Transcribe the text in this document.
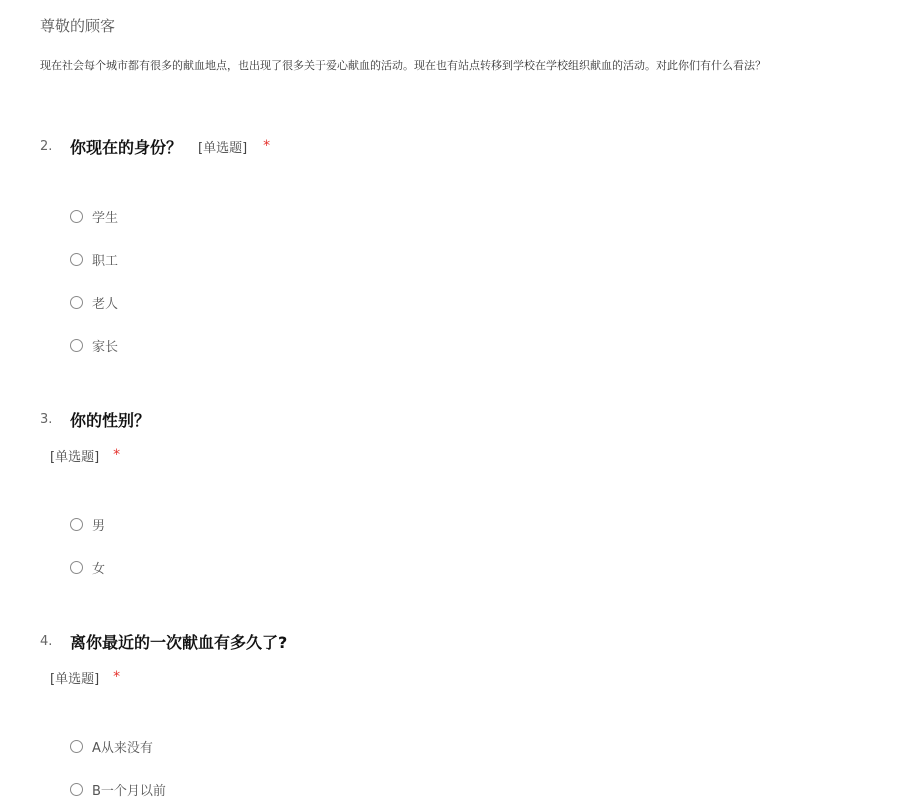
尊敬的顾客
现在社会每个城市都有很多的献血地点，也出现了很多关于爱心献血的活动。现在也有站点转移到学校在学校组织献血的活动。对此你们有什么看法？
2.	你现在的身份？ [单选题] *
学生
职工
老人
家长
3.	你的性别？
[单选题] *
男
女
4.	离你最近的一次献血有多久了?
[单选题] *
A从来没有
B一个月以前
